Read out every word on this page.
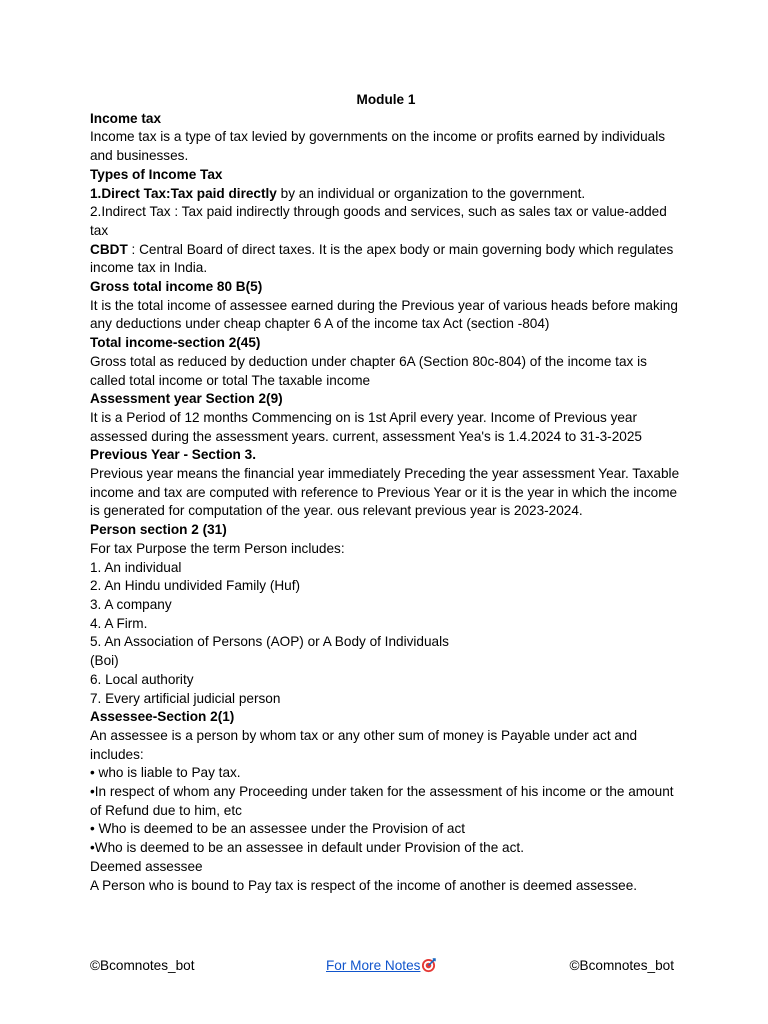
Module 1
Income tax

Income tax is a type of tax levied by governments on the income or profits earned by individuals and businesses.

Types of Income Tax

1.Direct Tax:Tax paid directly by an individual or organization to the government.

2.Indirect Tax : Tax paid indirectly through goods and services, such as sales tax or value-added tax

CBDT : Central Board of direct taxes. It is the apex body or main governing body which regulates income tax in India.

Gross total income 80 B(5)

It is the total income of assessee earned during the Previous year of various heads before making any deductions under cheap chapter 6 A of the income tax Act (section -804)

Total income-section 2(45)

Gross total as reduced by deduction under chapter 6A (Section 80c-804) of the income tax is called total income or total The taxable income

Assessment year Section 2(9)

It is a Period of 12 months Commencing on is 1st April every year. Income of Previous year assessed during the assessment years. current, assessment Yea's is 1.4.2024 to 31-3-2025

Previous Year - Section 3.

Previous year means the financial year immediately Preceding the year assessment Year. Taxable income and tax are computed with reference to Previous Year or it is the year in which the income is generated for computation of the year. ous relevant previous year is 2023-2024.

Person section 2 (31)

For tax Purpose the term Person includes:

1. An individual
2. An Hindu undivided Family (Huf)
3. A company
4. A Firm.
5. An Association of Persons (AOP) or A Body of Individuals
(Boi)
6. Local authority
7. Every artificial judicial person
Assessee-Section 2(1)

An assessee is a person by whom tax or any other sum of money is Payable under act and includes:

• who is liable to Pay tax.
•In respect of whom any Proceeding under taken for the assessment of his income or the amount of Refund due to him, etc
• Who is deemed to be an assessee under the Provision of act
•Who is deemed to be an assessee in default under Provision of the act.
Deemed assessee

A Person who is bound to Pay tax is respect of the income of another is deemed assessee.

©Bcomnotes_bot	For More Notes	©Bcomnotes_bot
